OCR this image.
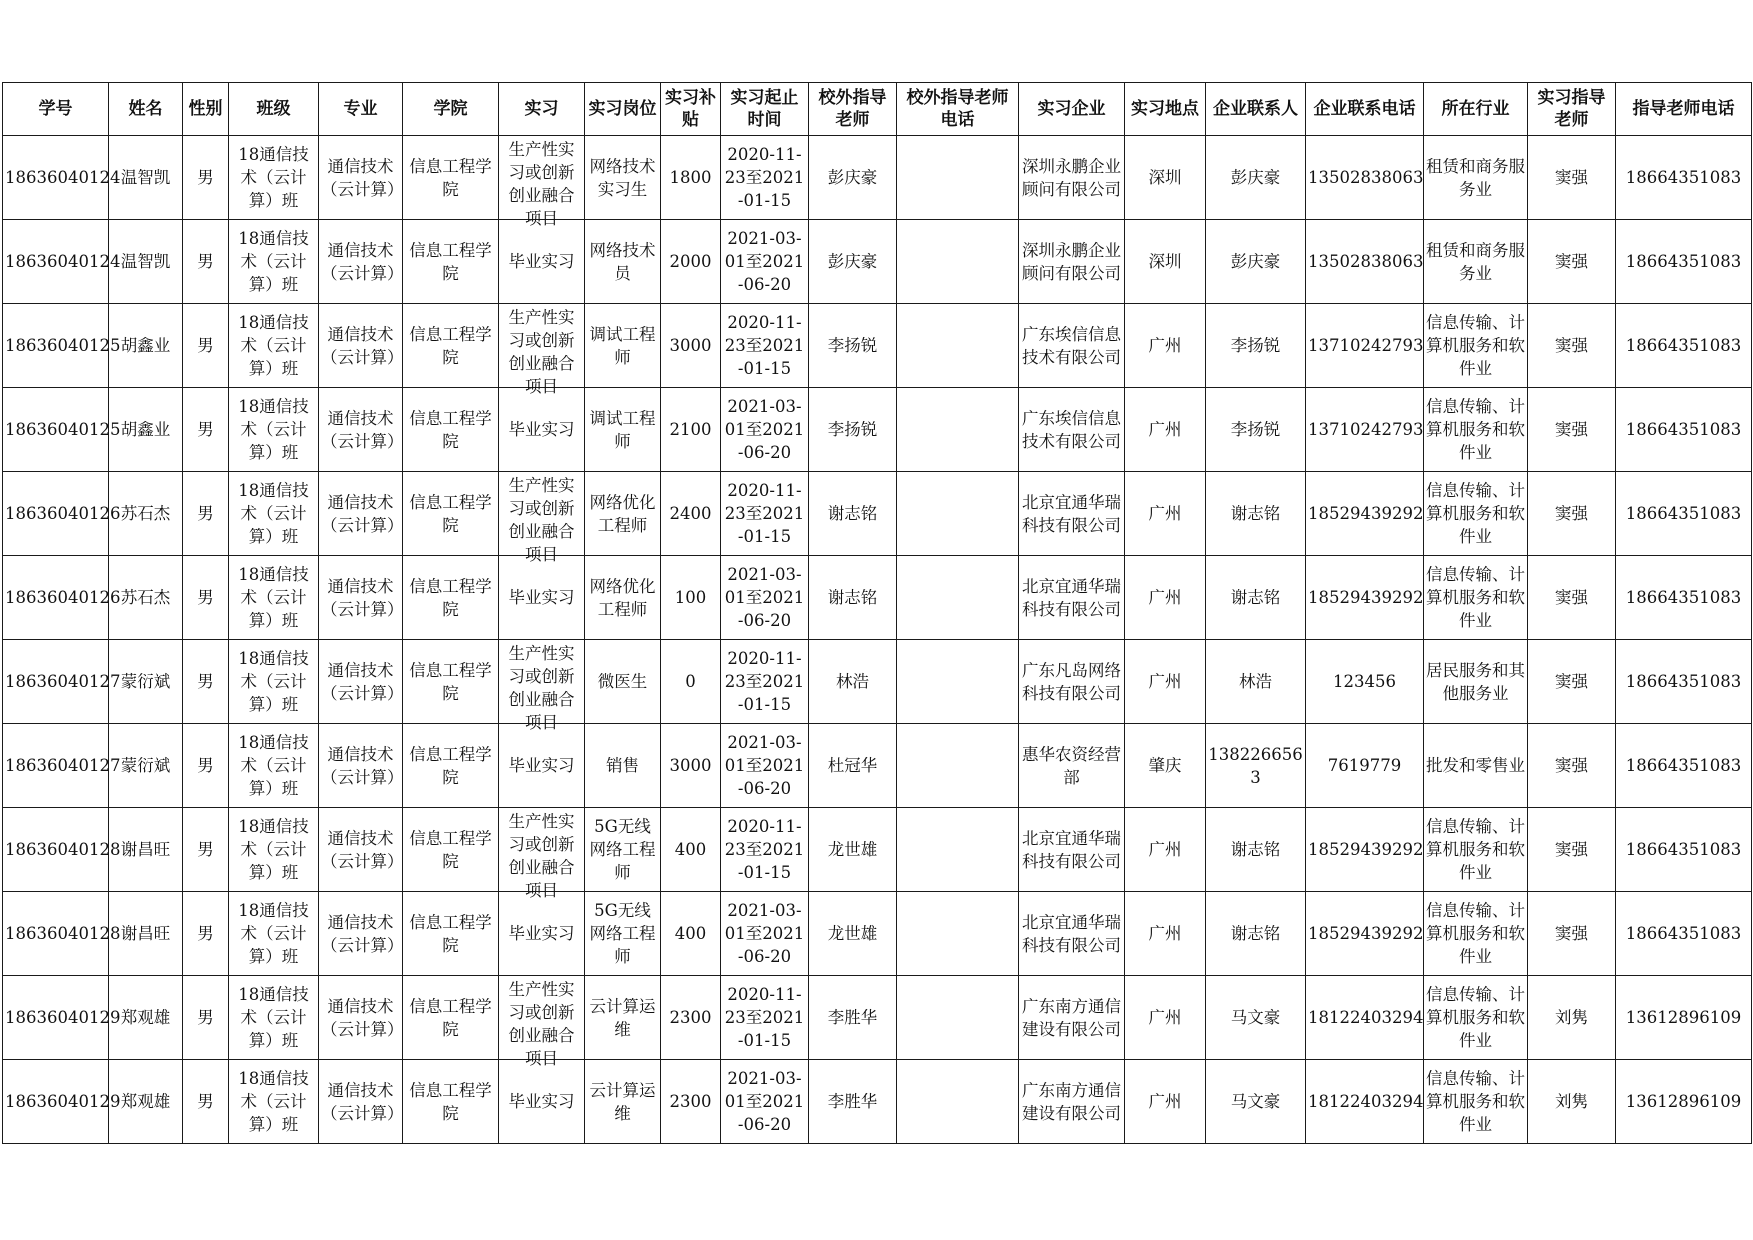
学号	姓名	性别	班级	专业	学院	实习	实习岗位	实习补贴	实习起止时间	校外指导老师	校外指导老师电话	实习企业	实习地点	企业联系人	企业联系电话	所在行业	实习指导老师	指导老师电话

18636040124	温智凯	男	18通信技术（云计算）班	通信技术（云计算）	信息工程学院	生产性实习或创新创业融合项目	网络技术实习生	1800	2020-11-23至2021-01-15	彭庆豪		深圳永鹏企业顾问有限公司	深圳	彭庆豪	13502838063	租赁和商务服务业	窦强	18664351083

18636040124	温智凯	男	18通信技术（云计算）班	通信技术（云计算）	信息工程学院	毕业实习	网络技术员	2000	2021-03-01至2021-06-20	彭庆豪		深圳永鹏企业顾问有限公司	深圳	彭庆豪	13502838063	租赁和商务服务业	窦强	18664351083

18636040125	胡鑫业	男	18通信技术（云计算）班	通信技术（云计算）	信息工程学院	生产性实习或创新创业融合项目	调试工程师	3000	2020-11-23至2021-01-15	李扬锐		广东埃信信息技术有限公司	广州	李扬锐	13710242793	信息传输、计算机服务和软件业	窦强	18664351083

18636040125	胡鑫业	男	18通信技术（云计算）班	通信技术（云计算）	信息工程学院	毕业实习	调试工程师	2100	2021-03-01至2021-06-20	李扬锐		广东埃信信息技术有限公司	广州	李扬锐	13710242793	信息传输、计算机服务和软件业	窦强	18664351083

18636040126	苏石杰	男	18通信技术（云计算）班	通信技术（云计算）	信息工程学院	生产性实习或创新创业融合项目	网络优化工程师	2400	2020-11-23至2021-01-15	谢志铭		北京宜通华瑞科技有限公司	广州	谢志铭	18529439292	信息传输、计算机服务和软件业	窦强	18664351083

18636040126	苏石杰	男	18通信技术（云计算）班	通信技术（云计算）	信息工程学院	毕业实习	网络优化工程师	100	2021-03-01至2021-06-20	谢志铭		北京宜通华瑞科技有限公司	广州	谢志铭	18529439292	信息传输、计算机服务和软件业	窦强	18664351083

18636040127	蒙衍斌	男	18通信技术（云计算）班	通信技术（云计算）	信息工程学院	生产性实习或创新创业融合项目	微医生	0	2020-11-23至2021-01-15	林浩		广东凡岛网络科技有限公司	广州	林浩	123456	居民服务和其他服务业	窦强	18664351083

18636040127	蒙衍斌	男	18通信技术（云计算）班	通信技术（云计算）	信息工程学院	毕业实习	销售	3000	2021-03-01至2021-06-20	杜冠华		惠华农资经营部	肇庆	1382266563	7619779	批发和零售业	窦强	18664351083

18636040128	谢昌旺	男	18通信技术（云计算）班	通信技术（云计算）	信息工程学院	生产性实习或创新创业融合项目	5G无线网络工程师	400	2020-11-23至2021-01-15	龙世雄		北京宜通华瑞科技有限公司	广州	谢志铭	18529439292	信息传输、计算机服务和软件业	窦强	18664351083

18636040128	谢昌旺	男	18通信技术（云计算）班	通信技术（云计算）	信息工程学院	毕业实习	5G无线网络工程师	400	2021-03-01至2021-06-20	龙世雄		北京宜通华瑞科技有限公司	广州	谢志铭	18529439292	信息传输、计算机服务和软件业	窦强	18664351083

18636040129	郑观雄	男	18通信技术（云计算）班	通信技术（云计算）	信息工程学院	生产性实习或创新创业融合项目	云计算运维	2300	2020-11-23至2021-01-15	李胜华		广东南方通信建设有限公司	广州	马文豪	18122403294	信息传输、计算机服务和软件业	刘隽	13612896109

18636040129	郑观雄	男	18通信技术（云计算）班	通信技术（云计算）	信息工程学院	毕业实习	云计算运维	2300	2021-03-01至2021-06-20	李胜华		广东南方通信建设有限公司	广州	马文豪	18122403294	信息传输、计算机服务和软件业	刘隽	13612896109
